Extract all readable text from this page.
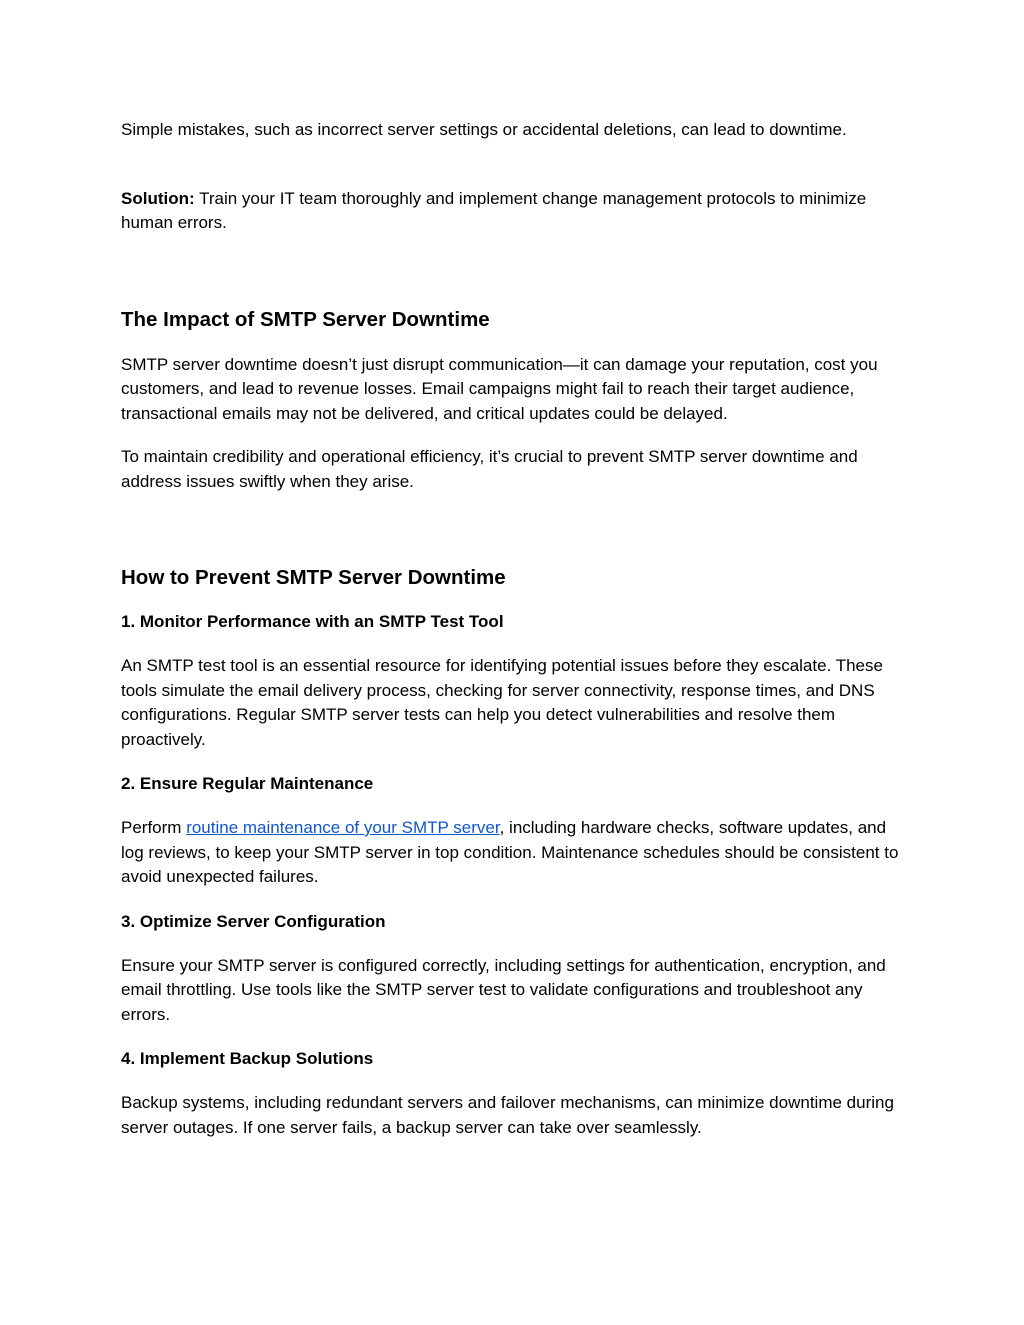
Simple mistakes, such as incorrect server settings or accidental deletions, can lead to downtime.

Solution: Train your IT team thoroughly and implement change management protocols to minimize human errors.

The Impact of SMTP Server Downtime

SMTP server downtime doesn’t just disrupt communication—it can damage your reputation, cost you customers, and lead to revenue losses. Email campaigns might fail to reach their target audience, transactional emails may not be delivered, and critical updates could be delayed.

To maintain credibility and operational efficiency, it’s crucial to prevent SMTP server downtime and address issues swiftly when they arise.

How to Prevent SMTP Server Downtime
1. Monitor Performance with an SMTP Test Tool

An SMTP test tool is an essential resource for identifying potential issues before they escalate. These tools simulate the email delivery process, checking for server connectivity, response times, and DNS configurations. Regular SMTP server tests can help you detect vulnerabilities and resolve them proactively.

2. Ensure Regular Maintenance

Perform routine maintenance of your SMTP server, including hardware checks, software updates, and log reviews, to keep your SMTP server in top condition. Maintenance schedules should be consistent to avoid unexpected failures.

3. Optimize Server Configuration

Ensure your SMTP server is configured correctly, including settings for authentication, encryption, and email throttling. Use tools like the SMTP server test to validate configurations and troubleshoot any errors.

4. Implement Backup Solutions

Backup systems, including redundant servers and failover mechanisms, can minimize downtime during server outages. If one server fails, a backup server can take over seamlessly.
